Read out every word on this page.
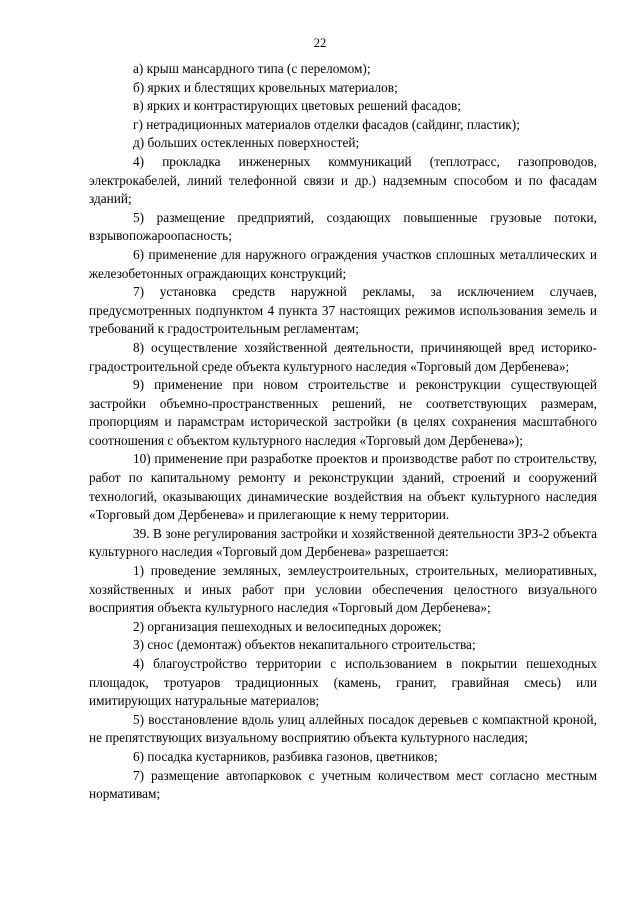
22

а) крыш мансардного типа (с переломом);

б) ярких и блестящих кровельных материалов;

в) ярких и контрастирующих цветовых решений фасадов;

г) нетрадиционных материалов отделки фасадов (сайдинг, пластик);

д) больших остекленных поверхностей;

4) прокладка инженерных коммуникаций (теплотрасс, газопроводов, электрокабелей, линий телефонной связи и др.) надземным способом и по фасадам зданий;

5) размещение предприятий, создающих повышенные грузовые потоки, взрывопожароопасность;

6) применение для наружного ограждения участков сплошных металлических и железобетонных ограждающих конструкций;

7) установка средств наружной рекламы, за исключением случаев, предусмотренных подпунктом 4 пункта 37 настоящих режимов использования земель и требований к градостроительным регламентам;

8) осуществление хозяйственной деятельности, причиняющей вред историко-градостроительной среде объекта культурного наследия «Торговый дом Дербенева»;

9) применение при новом строительстве и реконструкции существующей застройки объемно-пространственных решений, не соответствующих размерам, пропорциям и парамстрам исторической застройки (в целях сохранения масштабного соотношения с объектом культурного наследия «Торговый дом Дербенева»);

10) применение при разработке проектов и производстве работ по строительству, работ по капитальному ремонту и реконструкции зданий, строений и сооружений технологий, оказывающих динамические воздействия на объект культурного наследия «Торговый дом Дербенева» и прилегающие к нему территории.

39. В зоне регулирования застройки и хозяйственной деятельности ЗРЗ-2 объекта культурного наследия «Торговый дом Дербенева» разрешается:

1) проведение земляных, землеустроительных, строительных, мелиоративных, хозяйственных и иных работ при условии обеспечения целостного визуального восприятия объекта культурного наследия «Торговый дом Дербенева»;

2) организация пешеходных и велосипедных дорожек;

3) снос (демонтаж) объектов некапитального строительства;

4) благоустройство территории с использованием в покрытии пешеходных площадок, тротуаров традиционных (камень, гранит, гравийная смесь) или имитирующих натуральные материалов;

5) восстановление вдоль улиц аллейных посадок деревьев с компактной кроной, не препятствующих визуальному восприятию объекта культурного наследия;

6) посадка кустарников, разбивка газонов, цветников;

7) размещение автопарковок с учетным количеством мест согласно местным нормативам;
